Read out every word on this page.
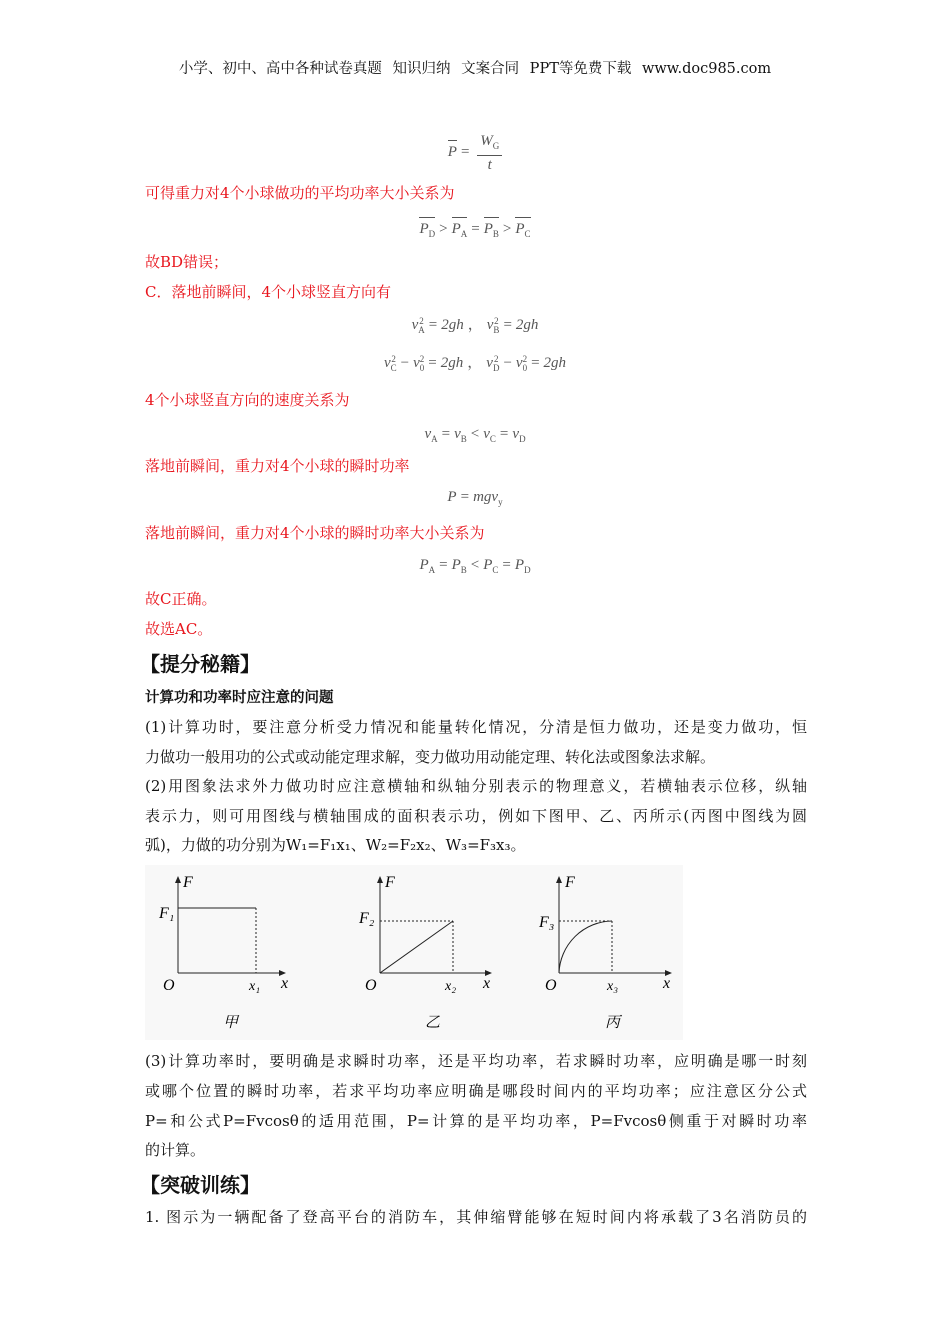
小学、初中、高中各种试卷真题 知识归纳 文案合同 PPT等免费下载 www.doc985.com
$P = \frac{W_G}{t}$
可得重力对4个小球做功的平均功率大小关系为
P
D > P
A = P
B > P
C
故BD错误；
C．落地前瞬间，4个小球竖直方向有
v 2
A = 2gh ， v 2
B = 2gh
v 2
C − v 2
0 = 2gh ， v 2
D − v 2
0 = 2gh
4个小球竖直方向的速度关系为
v
A = v
B < v
C = v
D
落地前瞬间，重力对4个小球的瞬时功率
P = mgv
y
落地前瞬间，重力对4个小球的瞬时功率大小关系为
P
A = P
B < P
C = P
D
故C正确。
故选AC。
【提分秘籍】
计算功和功率时应注意的问题
(1)计算功时，要注意分析受力情况和能量转化情况，分清是恒力做功，还是变力做功，恒
力做功一般用功的公式或动能定理求解，变力做功用动能定理、转化法或图象法求解。
(2)用图象法求外力做功时应注意横轴和纵轴分别表示的物理意义，若横轴表示位移，纵轴
表示力，则可用图线与横轴围成的面积表示功，例如下图甲、乙、丙所示(丙图中图线为圆
弧)，力做的功分别为W₁=F₁x₁、W₂=F₂x₂、W₃=F₃x₃。
F
F₁
O	x₁ x
甲
F
F₂
O	x₂ x
乙
F
F₃
O	x₃	x
丙
(3)计算功率时，要明确是求瞬时功率，还是平均功率，若求瞬时功率，应明确是哪一时刻
或哪个位置的瞬时功率，若求平均功率应明确是哪段时间内的平均功率；应注意区分公式
P=和公式P=Fvcosθ的适用范围，P=计算的是平均功率，P=Fvcosθ侧重于对瞬时功率
的计算。
【突破训练】
1. 图示为一辆配备了登高平台的消防车，其伸缩臂能够在短时间内将承载了3名消防员的
